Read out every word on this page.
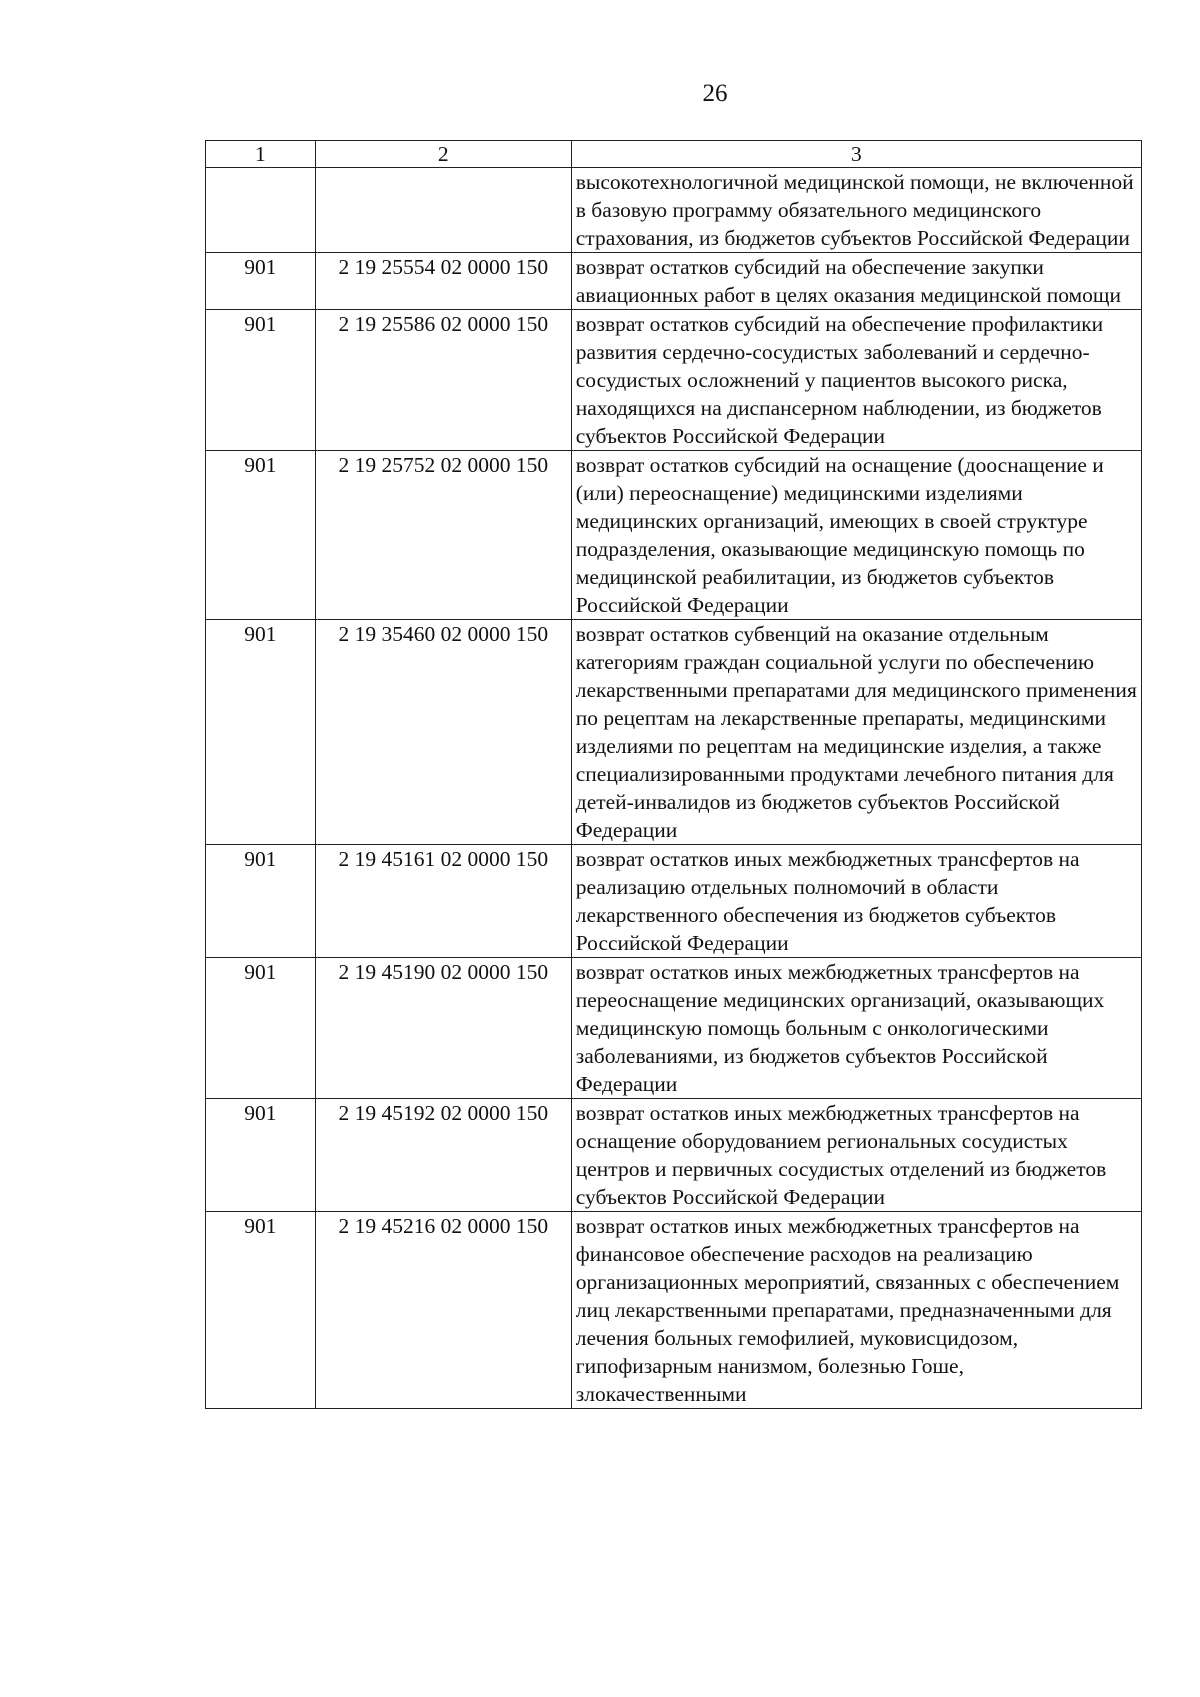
26
1	2	3
		высокотехнологичной медицинской помощи, не включенной в базовую программу обязательного медицинского страхования, из бюджетов субъектов Российской Федерации
901	2 19 25554 02 0000 150	возврат остатков субсидий на обеспечение закупки авиационных работ в целях оказания медицинской помощи
901	2 19 25586 02 0000 150	возврат остатков субсидий на обеспечение профилактики развития сердечно-сосудистых заболеваний и сердечно-сосудистых осложнений у пациентов высокого риска, находящихся на диспансерном наблюдении, из бюджетов субъектов Российской Федерации
901	2 19 25752 02 0000 150	возврат остатков субсидий на оснащение (дооснащение и (или) переоснащение) медицинскими изделиями медицинских организаций, имеющих в своей структуре подразделения, оказывающие медицинскую помощь по медицинской реабилитации, из бюджетов субъектов Российской Федерации
901	2 19 35460 02 0000 150	возврат остатков субвенций на оказание отдельным категориям граждан социальной услуги по обеспечению лекарственными препаратами для медицинского применения по рецептам на лекарственные препараты, медицинскими изделиями по рецептам на медицинские изделия, а также специализированными продуктами лечебного питания для детей-инвалидов из бюджетов субъектов Российской Федерации
901	2 19 45161 02 0000 150	возврат остатков иных межбюджетных трансфертов на реализацию отдельных полномочий в области лекарственного обеспечения из бюджетов субъектов Российской Федерации
901	2 19 45190 02 0000 150	возврат остатков иных межбюджетных трансфертов на переоснащение медицинских организаций, оказывающих медицинскую помощь больным с онкологическими заболеваниями, из бюджетов субъектов Российской Федерации
901	2 19 45192 02 0000 150	возврат остатков иных межбюджетных трансфертов на оснащение оборудованием региональных сосудистых центров и первичных сосудистых отделений из бюджетов субъектов Российской Федерации
901	2 19 45216 02 0000 150	возврат остатков иных межбюджетных трансфертов на финансовое обеспечение расходов на реализацию организационных мероприятий, связанных с обеспечением лиц лекарственными препаратами, предназначенными для лечения больных гемофилией, муковисцидозом, гипофизарным нанизмом, болезнью Гоше, злокачественными
